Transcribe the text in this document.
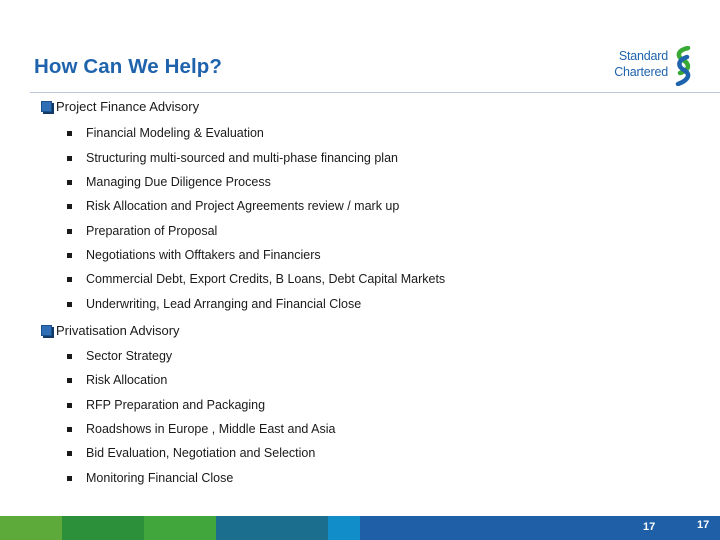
How Can We Help?	Standard
Chartered
Project Finance Advisory
Financial Modeling & Evaluation
Structuring multi-sourced and multi-phase financing plan
Managing Due Diligence Process
Risk Allocation and Project Agreements review / mark up
Preparation of Proposal
Negotiations with Offtakers and Financiers
Commercial Debt, Export Credits, B Loans, Debt Capital Markets
Underwriting, Lead Arranging and Financial Close
Privatisation Advisory
Sector Strategy
Risk Allocation
RFP Preparation and Packaging
Roadshows in Europe , Middle East and Asia
Bid Evaluation, Negotiation and Selection
Monitoring Financial Close
17	17
